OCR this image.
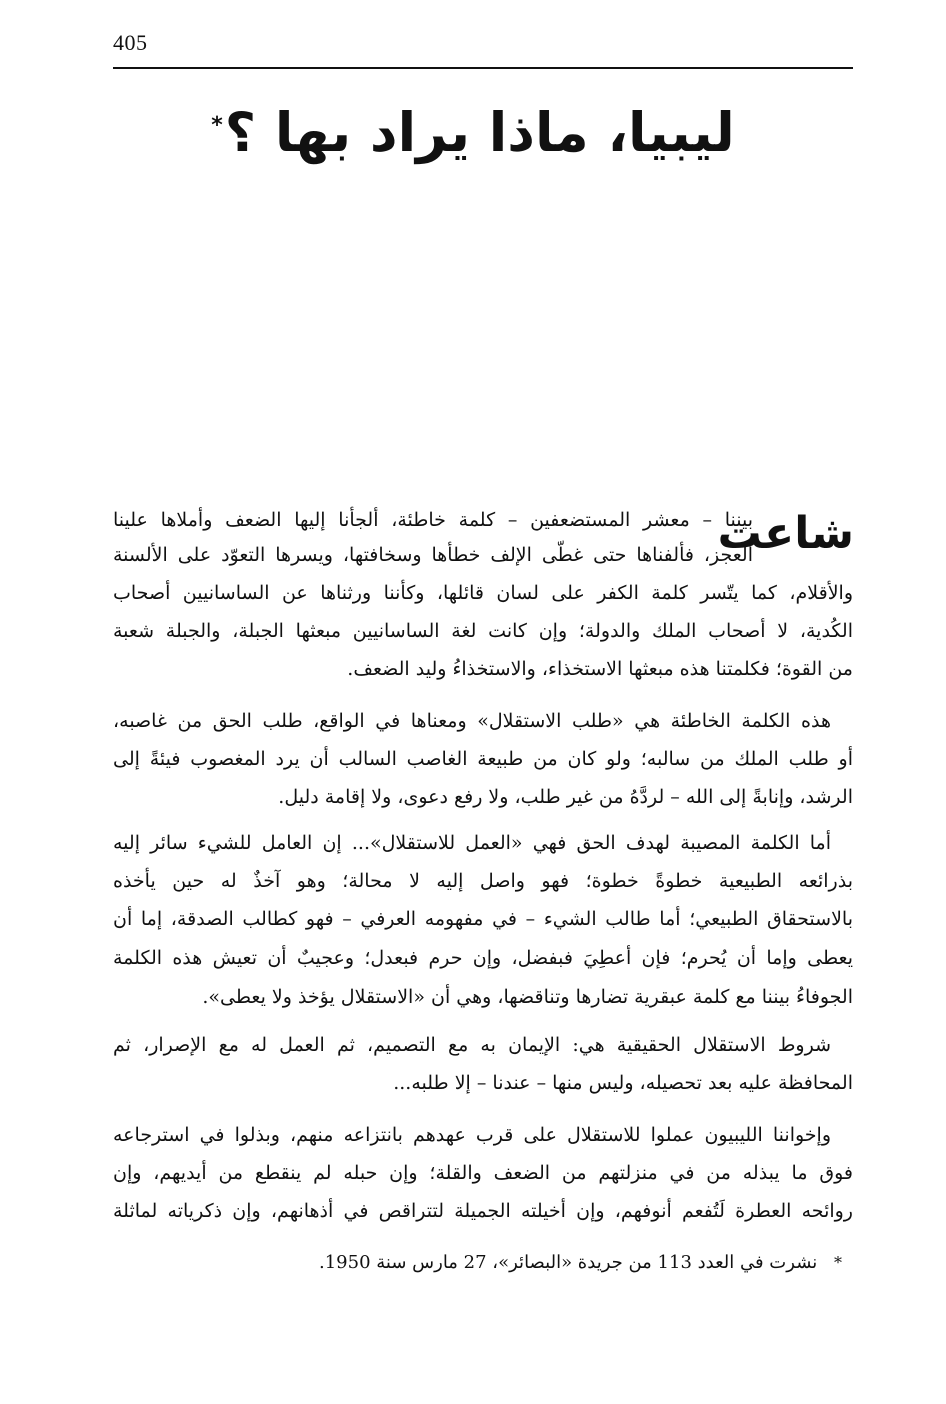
405
ليبيا، ماذا يراد بها ؟*
شاعت
بيننا – معشر المستضعفين – كلمة خاطئة، ألجأنا إليها الضعف وأملاها علينا
العجز، فألفناها حتى غطّى الإلف خطأها وسخافتها، ويسرها التعوّد على الألسنة
والأقلام، كما يتّسر كلمة الكفر على لسان قائلها، وكأننا ورثناها عن الساسانيين أصحاب
الكُدية، لا أصحاب الملك والدولة؛ وإن كانت لغة الساسانيين مبعثها الجبلة، والجبلة شعبة
من القوة؛ فكلمتنا هذه مبعثها الاستخذاء، والاستخذاءُ وليد الضعف.
هذه الكلمة الخاطئة هي «طلب الاستقلال» ومعناها في الواقع، طلب الحق من غاصبه،
أو طلب الملك من سالبه؛ ولو كان من طبيعة الغاصب السالب أن يرد المغصوب فيئةً إلى
الرشد، وإنابةً إلى الله – لردَّهُ من غير طلب، ولا رفع دعوى، ولا إقامة دليل.
أما الكلمة المصيبة لهدف الحق فهي «العمل للاستقلال»... إن العامل للشيء سائر إليه
بذرائعه الطبيعية خطوةً خطوة؛ فهو واصل إليه لا محالة؛ وهو آخذٌ له حين يأخذه
بالاستحقاق الطبيعي؛ أما طالب الشيء – في مفهومه العرفي – فهو كطالب الصدقة، إما أن
يعطى وإما أن يُحرم؛ فإن أعطِيَ فبفضل، وإن حرم فبعدل؛ وعجيبٌ أن تعيش هذه الكلمة
الجوفاءُ بيننا مع كلمة عبقرية تضارها وتناقضها، وهي أن «الاستقلال يؤخذ ولا يعطى».
شروط الاستقلال الحقيقية هي: الإيمان به مع التصميم، ثم العمل له مع الإصرار، ثم
المحافظة عليه بعد تحصيله، وليس منها – عندنا – إلا طلبه...
وإخواننا الليبيون عملوا للاستقلال على قرب عهدهم بانتزاعه منهم، وبذلوا في استرجاعه
فوق ما يبذله من في منزلتهم من الضعف والقلة؛ وإن حبله لم ينقطع من أيديهم، وإن
روائحه العطرة لَتُفعم أنوفهم، وإن أخيلته الجميلة لتتراقص في أذهانهم، وإن ذكرياته لماثلة
* نشرت في العدد 113 من جريدة «البصائر»، 27 مارس سنة 1950.
